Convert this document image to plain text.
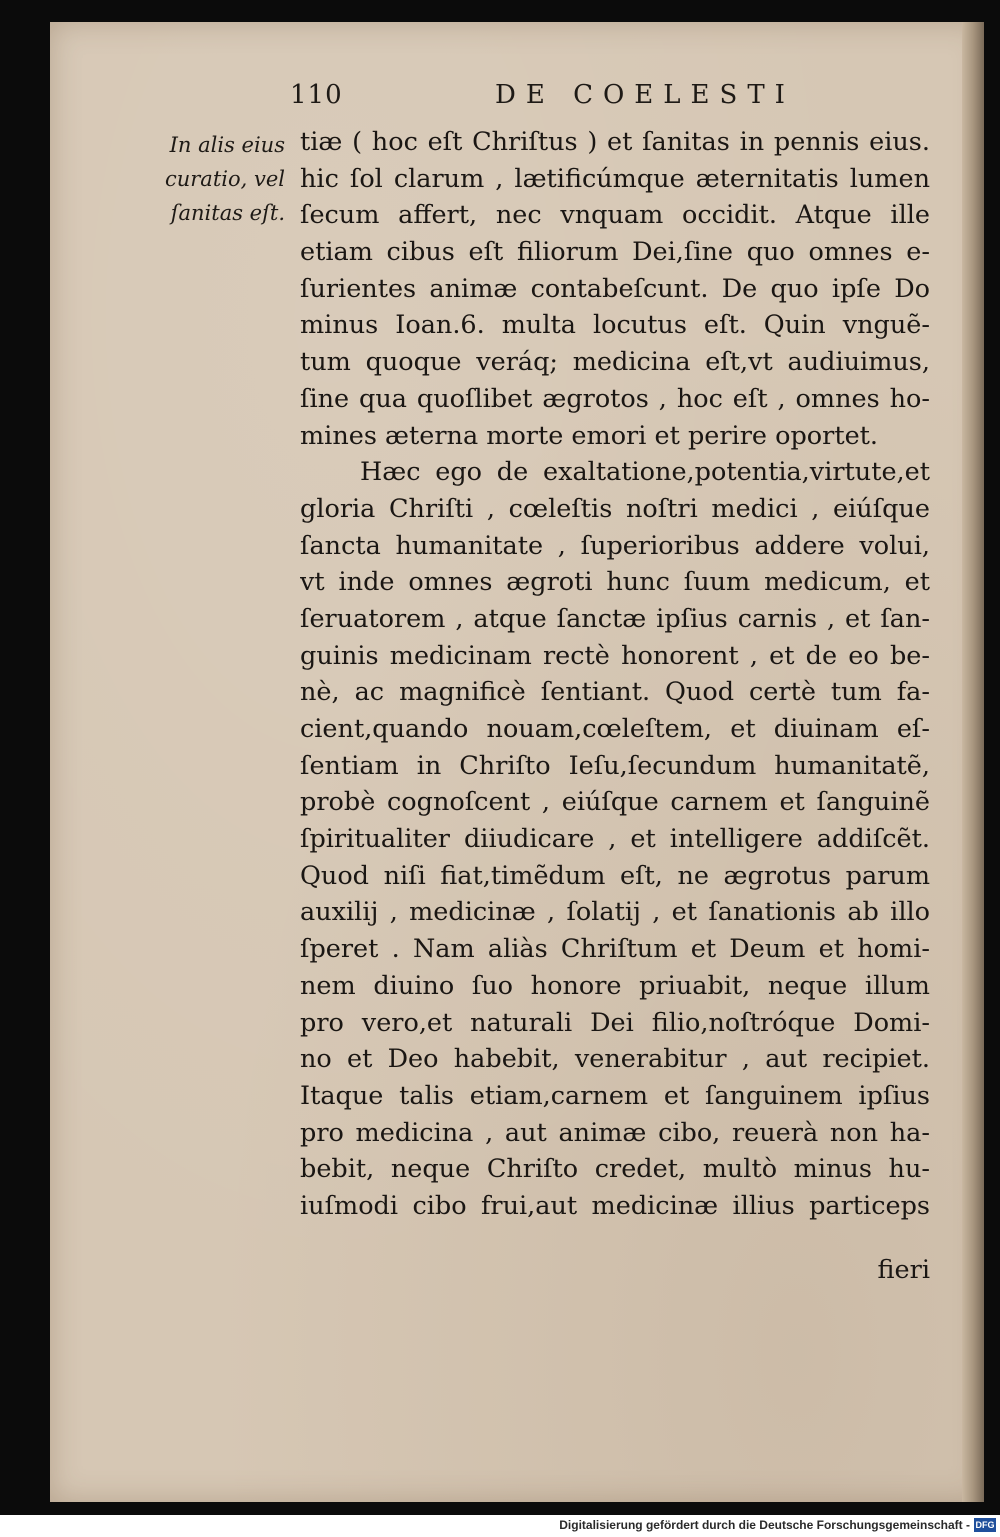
110	DE COELESTI
In alis eius
curatio, vel
ſanitas eſt.
tiæ ( hoc eſt Chriſtus ) et ſanitas in pennis eius.
hic ſol clarum , lætificúmque æternitatis lumen
ſecum affert, nec vnquam occidit. Atque ille
etiam cibus eſt filiorum Dei,ſine quo omnes e-
ſurientes animæ contabeſcunt. De quo ipſe Do
minus Ioan.6. multa locutus eſt. Quin vnguẽ-
tum quoque veráq; medicina eſt,vt audiuimus,
ſine qua quoſlibet ægrotos , hoc eſt , omnes ho-
mines æterna morte emori et perire oportet.
Hæc ego de exaltatione,potentia,virtute,et
gloria Chriſti , cœleſtis noſtri medici , eiúſque
ſancta humanitate , ſuperioribus addere volui,
vt inde omnes ægroti hunc ſuum medicum, et
ſeruatorem , atque ſanctæ ipſius carnis , et ſan-
guinis medicinam rectè honorent , et de eo be-
nè, ac magnificè ſentiant. Quod certè tum fa-
cient,quando nouam,cœleſtem, et diuinam eſ-
ſentiam in Chriſto Ieſu,ſecundum humanitatẽ,
probè cognoſcent , eiúſque carnem et ſanguinẽ
ſpiritualiter diiudicare , et intelligere addiſcẽt.
Quod niſi fiat,timẽdum eſt, ne ægrotus parum
auxilij , medicinæ , ſolatij , et ſanationis ab illo
ſperet . Nam aliàs Chriſtum et Deum et homi-
nem diuino ſuo honore priuabit, neque illum
pro vero,et naturali Dei filio,noſtróque Domi-
no et Deo habebit, venerabitur , aut recipiet.
Itaque talis etiam,carnem et ſanguinem ipſius
pro medicina , aut animæ cibo, reuerà non ha-
bebit, neque Chriſto credet, multò minus hu-
iuſmodi cibo frui,aut medicinæ illius particeps
fieri
Digitalisierung gefördert durch die Deutsche Forschungsgemeinschaft - DFG
